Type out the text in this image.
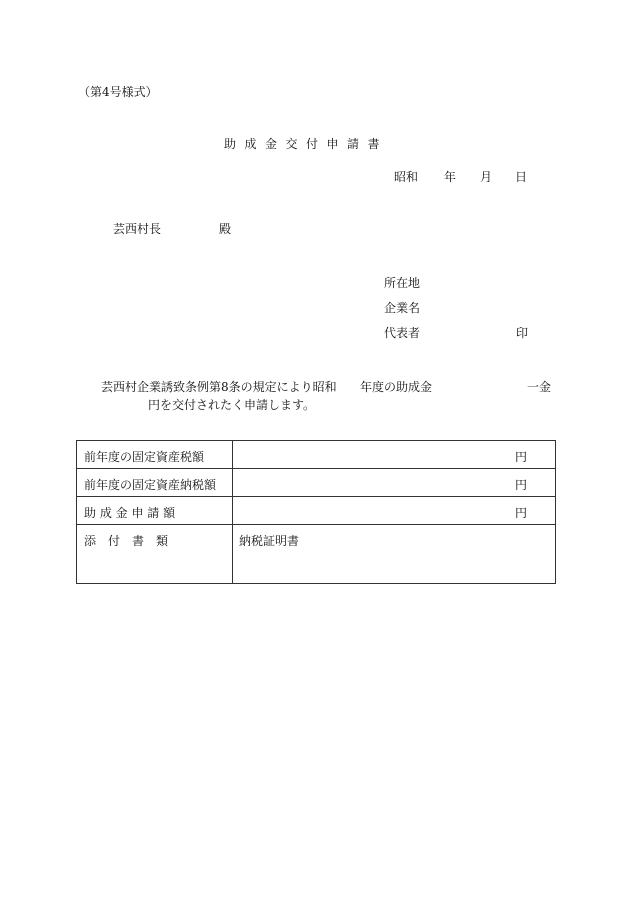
（第4号様式）
助成金交付申請書
昭和 年 月 日
芸西村長	殿
所在地
企業名
代表者	印
芸西村企業誘致条例第8条の規定により昭和 年度の助成金	一金
円を交付されたく申請します。
前年度の固定資産税額	円

前年度の固定資産納税額	円

助 成 金 申 請 額	円

添　付　書　類	納税証明書
